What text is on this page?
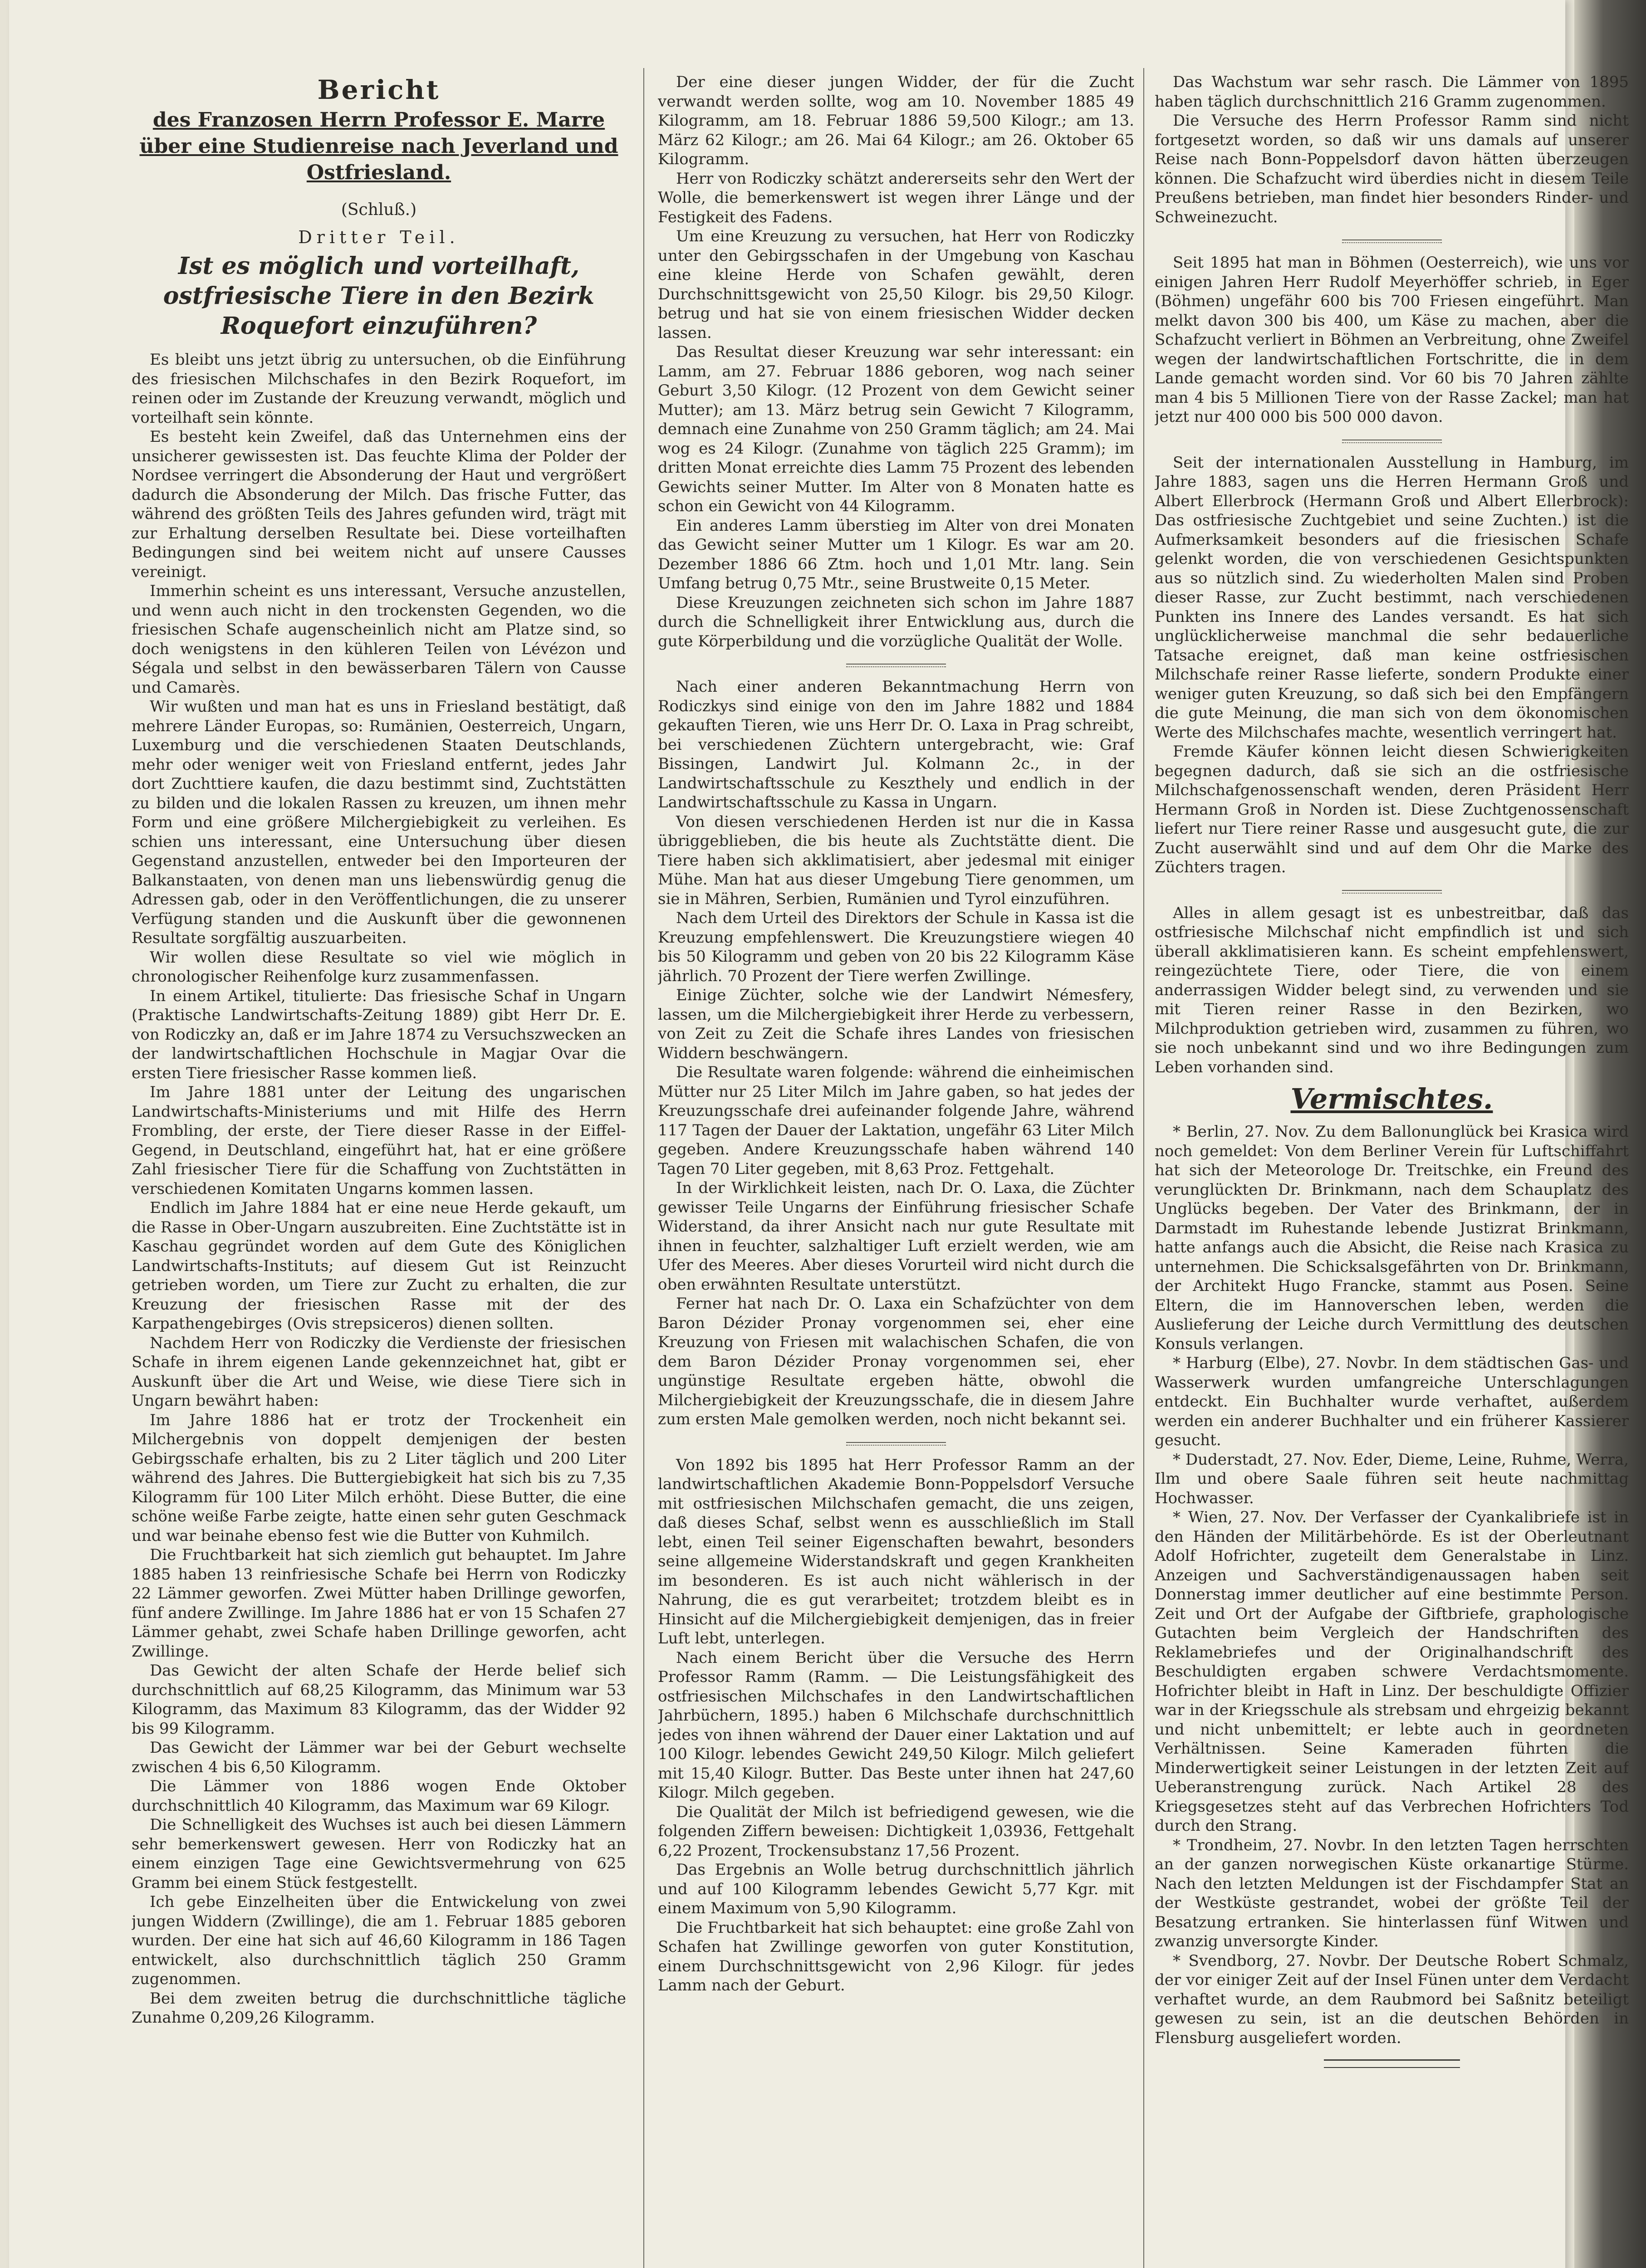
Bericht
des Franzosen Herrn Professor E. Marre
über eine Studienreise nach Jeverland und Ostfriesland.
(Schluß.)
Dritter Teil.
Ist es möglich und vorteilhaft, ostfriesische Tiere in den Bezirk Roquefort einzuführen?

Es bleibt uns jetzt übrig zu untersuchen, ob die Einführung des friesischen Milchschafes in den Bezirk Roquefort, im reinen oder im Zustande der Kreuzung verwandt, möglich und vorteilhaft sein könnte.

Es besteht kein Zweifel, daß das Unternehmen eins der unsicherer gewissesten ist. Das feuchte Klima der Polder der Nordsee verringert die Absonderung der Haut und vergrößert dadurch die Absonderung der Milch. Das frische Futter, das während des größten Teils des Jahres gefunden wird, trägt mit zur Erhaltung derselben Resultate bei. Diese vorteilhaften Bedingungen sind bei weitem nicht auf unsere Causses vereinigt.

Immerhin scheint es uns interessant, Versuche anzustellen, und wenn auch nicht in den trockensten Gegenden, wo die friesischen Schafe augenscheinlich nicht am Platze sind, so doch wenigstens in den kühleren Teilen von Lévézon und Ségala und selbst in den bewässerbaren Tälern von Causse und Camarès.

Wir wußten und man hat es uns in Friesland bestätigt, daß mehrere Länder Europas, so: Rumänien, Oesterreich, Ungarn, Luxemburg und die verschiedenen Staaten Deutschlands, mehr oder weniger weit von Friesland entfernt, jedes Jahr dort Zuchttiere kaufen, die dazu bestimmt sind, Zuchtstätten zu bilden und die lokalen Rassen zu kreuzen, um ihnen mehr Form und eine größere Milchergiebigkeit zu verleihen. Es schien uns interessant, eine Untersuchung über diesen Gegenstand anzustellen, entweder bei den Importeuren der Balkanstaaten, von denen man uns liebenswürdig genug die Adressen gab, oder in den Veröffentlichungen, die zu unserer Verfügung standen und die Auskunft über die gewonnenen Resultate sorgfältig auszuarbeiten.

Wir wollen diese Resultate so viel wie möglich in chronologischer Reihenfolge kurz zusammenfassen.

In einem Artikel, titulierte: Das friesische Schaf in Ungarn (Praktische Landwirtschafts-Zeitung 1889) gibt Herr Dr. E. von Rodiczky an, daß er im Jahre 1874 zu Versuchszwecken an der landwirtschaftlichen Hochschule in Magjar Ovar die ersten Tiere friesischer Rasse kommen ließ.

Im Jahre 1881 unter der Leitung des ungarischen Landwirtschafts-Ministeriums und mit Hilfe des Herrn Frombling, der erste, der Tiere dieser Rasse in der Eiffel-Gegend, in Deutschland, eingeführt hat, hat er eine größere Zahl friesischer Tiere für die Schaffung von Zuchtstätten in verschiedenen Komitaten Ungarns kommen lassen.

Endlich im Jahre 1884 hat er eine neue Herde gekauft, um die Rasse in Ober-Ungarn auszubreiten. Eine Zuchtstätte ist in Kaschau gegründet worden auf dem Gute des Königlichen Landwirtschafts-Instituts; auf diesem Gut ist Reinzucht getrieben worden, um Tiere zur Zucht zu erhalten, die zur Kreuzung der friesischen Rasse mit der des Karpathengebirges (Ovis strepsiceros) dienen sollten.

Nachdem Herr von Rodiczky die Verdienste der friesischen Schafe in ihrem eigenen Lande gekennzeichnet hat, gibt er Auskunft über die Art und Weise, wie diese Tiere sich in Ungarn bewährt haben:

Im Jahre 1886 hat er trotz der Trockenheit ein Milchergebnis von doppelt demjenigen der besten Gebirgsschafe erhalten, bis zu 2 Liter täglich und 200 Liter während des Jahres. Die Buttergiebigkeit hat sich bis zu 7,35 Kilogramm für 100 Liter Milch erhöht. Diese Butter, die eine schöne weiße Farbe zeigte, hatte einen sehr guten Geschmack und war beinahe ebenso fest wie die Butter von Kuhmilch.

Die Fruchtbarkeit hat sich ziemlich gut behauptet. Im Jahre 1885 haben 13 reinfriesische Schafe bei Herrn von Rodiczky 22 Lämmer geworfen. Zwei Mütter haben Drillinge geworfen, fünf andere Zwillinge. Im Jahre 1886 hat er von 15 Schafen 27 Lämmer gehabt, zwei Schafe haben Drillinge geworfen, acht Zwillinge.

Das Gewicht der alten Schafe der Herde belief sich durchschnittlich auf 68,25 Kilogramm, das Minimum war 53 Kilogramm, das Maximum 83 Kilogramm, das der Widder 92 bis 99 Kilogramm.

Das Gewicht der Lämmer war bei der Geburt wechselte zwischen 4 bis 6,50 Kilogramm.

Die Lämmer von 1886 wogen Ende Oktober durchschnittlich 40 Kilogramm, das Maximum war 69 Kilogr.

Die Schnelligkeit des Wuchses ist auch bei diesen Lämmern sehr bemerkenswert gewesen. Herr von Rodiczky hat an einem einzigen Tage eine Gewichtsvermehrung von 625 Gramm bei einem Stück festgestellt.

Ich gebe Einzelheiten über die Entwickelung von zwei jungen Widdern (Zwillinge), die am 1. Februar 1885 geboren wurden. Der eine hat sich auf 46,60 Kilogramm in 186 Tagen entwickelt, also durchschnittlich täglich 250 Gramm zugenommen.

Bei dem zweiten betrug die durchschnittliche tägliche Zunahme 0,209,26 Kilogramm.

Der eine dieser jungen Widder, der für die Zucht verwandt werden sollte, wog am 10. November 1885 49 Kilogramm, am 18. Februar 1886 59,500 Kilogr.; am 13. März 62 Kilogr.; am 26. Mai 64 Kilogr.; am 26. Oktober 65 Kilogramm.

Herr von Rodiczky schätzt andererseits sehr den Wert der Wolle, die bemerkenswert ist wegen ihrer Länge und der Festigkeit des Fadens.

Um eine Kreuzung zu versuchen, hat Herr von Rodiczky unter den Gebirgsschafen in der Umgebung von Kaschau eine kleine Herde von Schafen gewählt, deren Durchschnittsgewicht von 25,50 Kilogr. bis 29,50 Kilogr. betrug und hat sie von einem friesischen Widder decken lassen.

Das Resultat dieser Kreuzung war sehr interessant: ein Lamm, am 27. Februar 1886 geboren, wog nach seiner Geburt 3,50 Kilogr. (12 Prozent von dem Gewicht seiner Mutter); am 13. März betrug sein Gewicht 7 Kilogramm, demnach eine Zunahme von 250 Gramm täglich; am 24. Mai wog es 24 Kilogr. (Zunahme von täglich 225 Gramm); im dritten Monat erreichte dies Lamm 75 Prozent des lebenden Gewichts seiner Mutter. Im Alter von 8 Monaten hatte es schon ein Gewicht von 44 Kilogramm.

Ein anderes Lamm überstieg im Alter von drei Monaten das Gewicht seiner Mutter um 1 Kilogr. Es war am 20. Dezember 1886 66 Ztm. hoch und 1,01 Mtr. lang. Sein Umfang betrug 0,75 Mtr., seine Brustweite 0,15 Meter.

Diese Kreuzungen zeichneten sich schon im Jahre 1887 durch die Schnelligkeit ihrer Entwicklung aus, durch die gute Körperbildung und die vorzügliche Qualität der Wolle.

Nach einer anderen Bekanntmachung Herrn von Rodiczkys sind einige von den im Jahre 1882 und 1884 gekauften Tieren, wie uns Herr Dr. O. Laxa in Prag schreibt, bei verschiedenen Züchtern untergebracht, wie: Graf Bissingen, Landwirt Jul. Kolmann 2c., in der Landwirtschaftsschule zu Keszthely und endlich in der Landwirtschaftsschule zu Kassa in Ungarn.

Von diesen verschiedenen Herden ist nur die in Kassa übriggeblieben, die bis heute als Zuchtstätte dient. Die Tiere haben sich akklimatisiert, aber jedesmal mit einiger Mühe. Man hat aus dieser Umgebung Tiere genommen, um sie in Mähren, Serbien, Rumänien und Tyrol einzuführen.

Nach dem Urteil des Direktors der Schule in Kassa ist die Kreuzung empfehlenswert. Die Kreuzungstiere wiegen 40 bis 50 Kilogramm und geben von 20 bis 22 Kilogramm Käse jährlich. 70 Prozent der Tiere werfen Zwillinge.

Einige Züchter, solche wie der Landwirt Némesfery, lassen, um die Milchergiebigkeit ihrer Herde zu verbessern, von Zeit zu Zeit die Schafe ihres Landes von friesischen Widdern beschwängern.

Die Resultate waren folgende: während die einheimischen Mütter nur 25 Liter Milch im Jahre gaben, so hat jedes der Kreuzungsschafe drei aufeinander folgende Jahre, während 117 Tagen der Dauer der Laktation, ungefähr 63 Liter Milch gegeben. Andere Kreuzungsschafe haben während 140 Tagen 70 Liter gegeben, mit 8,63 Proz. Fettgehalt.

In der Wirklichkeit leisten, nach Dr. O. Laxa, die Züchter gewisser Teile Ungarns der Einführung friesischer Schafe Widerstand, da ihrer Ansicht nach nur gute Resultate mit ihnen in feuchter, salzhaltiger Luft erzielt werden, wie am Ufer des Meeres. Aber dieses Vorurteil wird nicht durch die oben erwähnten Resultate unterstützt.

Ferner hat nach Dr. O. Laxa ein Schafzüchter von dem Baron Dézider Pronay vorgenommen sei, eher eine Kreuzung von Friesen mit walachischen Schafen, die von dem Baron Dézider Pronay vorgenommen sei, eher ungünstige Resultate ergeben hätte, obwohl die Milchergiebigkeit der Kreuzungsschafe, die in diesem Jahre zum ersten Male gemolken werden, noch nicht bekannt sei.

Von 1892 bis 1895 hat Herr Professor Ramm an der landwirtschaftlichen Akademie Bonn-Poppelsdorf Versuche mit ostfriesischen Milchschafen gemacht, die uns zeigen, daß dieses Schaf, selbst wenn es ausschließlich im Stall lebt, einen Teil seiner Eigenschaften bewahrt, besonders seine allgemeine Widerstandskraft und gegen Krankheiten im besonderen. Es ist auch nicht wählerisch in der Nahrung, die es gut verarbeitet; trotzdem bleibt es in Hinsicht auf die Milchergiebigkeit demjenigen, das in freier Luft lebt, unterlegen.

Nach einem Bericht über die Versuche des Herrn Professor Ramm (Ramm. — Die Leistungsfähigkeit des ostfriesischen Milchschafes in den Landwirtschaftlichen Jahrbüchern, 1895.) haben 6 Milchschafe durchschnittlich jedes von ihnen während der Dauer einer Laktation und auf 100 Kilogr. lebendes Gewicht 249,50 Kilogr. Milch geliefert mit 15,40 Kilogr. Butter. Das Beste unter ihnen hat 247,60 Kilogr. Milch gegeben.

Die Qualität der Milch ist befriedigend gewesen, wie die folgenden Ziffern beweisen: Dichtigkeit 1,03936, Fettgehalt 6,22 Prozent, Trockensubstanz 17,56 Prozent.

Das Ergebnis an Wolle betrug durchschnittlich jährlich und auf 100 Kilogramm lebendes Gewicht 5,77 Kgr. mit einem Maximum von 5,90 Kilogramm.

Die Fruchtbarkeit hat sich behauptet: eine große Zahl von Schafen hat Zwillinge geworfen von guter Konstitution, einem Durchschnittsgewicht von 2,96 Kilogr. für jedes Lamm nach der Geburt.

Das Wachstum war sehr rasch. Die Lämmer von 1895 haben täglich durchschnittlich 216 Gramm zugenommen.

Die Versuche des Herrn Professor Ramm sind nicht fortgesetzt worden, so daß wir uns damals auf unserer Reise nach Bonn-Poppelsdorf davon hätten überzeugen können. Die Schafzucht wird überdies nicht in diesem Teile Preußens betrieben, man findet hier besonders Rinder- und Schweinezucht.

Seit 1895 hat man in Böhmen (Oesterreich), wie uns vor einigen Jahren Herr Rudolf Meyerhöffer schrieb, in Eger (Böhmen) ungefähr 600 bis 700 Friesen eingeführt. Man melkt davon 300 bis 400, um Käse zu machen, aber die Schafzucht verliert in Böhmen an Verbreitung, ohne Zweifel wegen der landwirtschaftlichen Fortschritte, die in dem Lande gemacht worden sind. Vor 60 bis 70 Jahren zählte man 4 bis 5 Millionen Tiere von der Rasse Zackel; man hat jetzt nur 400 000 bis 500 000 davon.

Seit der internationalen Ausstellung in Hamburg, im Jahre 1883, sagen uns die Herren Hermann Groß und Albert Ellerbrock (Hermann Groß und Albert Ellerbrock): Das ostfriesische Zuchtgebiet und seine Zuchten.) ist die Aufmerksamkeit besonders auf die friesischen Schafe gelenkt worden, die von verschiedenen Gesichtspunkten aus so nützlich sind. Zu wiederholten Malen sind Proben dieser Rasse, zur Zucht bestimmt, nach verschiedenen Punkten ins Innere des Landes versandt. Es hat sich unglücklicherweise manchmal die sehr bedauerliche Tatsache ereignet, daß man keine ostfriesischen Milchschafe reiner Rasse lieferte, sondern Produkte einer weniger guten Kreuzung, so daß sich bei den Empfängern die gute Meinung, die man sich von dem ökonomischen Werte des Milchschafes machte, wesentlich verringert hat.

Fremde Käufer können leicht diesen Schwierigkeiten begegnen dadurch, daß sie sich an die ostfriesische Milchschafgenossenschaft wenden, deren Präsident Herr Hermann Groß in Norden ist. Diese Zuchtgenossenschaft liefert nur Tiere reiner Rasse und ausgesucht gute, die zur Zucht auserwählt sind und auf dem Ohr die Marke des Züchters tragen.

Alles in allem gesagt ist es unbestreitbar, daß das ostfriesische Milchschaf nicht empfindlich ist und sich überall akklimatisieren kann. Es scheint empfehlenswert, reingezüchtete Tiere, oder Tiere, die von einem anderrassigen Widder belegt sind, zu verwenden und sie mit Tieren reiner Rasse in den Bezirken, wo Milchproduktion getrieben wird, zusammen zu führen, wo sie noch unbekannt sind und wo ihre Bedingungen zum Leben vorhanden sind.

Vermischtes.

* Berlin, 27. Nov. Zu dem Ballonunglück bei Krasica wird noch gemeldet: Von dem Berliner Verein für Luftschiffahrt hat sich der Meteorologe Dr. Treitschke, ein Freund des verunglückten Dr. Brinkmann, nach dem Schauplatz des Unglücks begeben. Der Vater des Brinkmann, der in Darmstadt im Ruhestande lebende Justizrat Brinkmann, hatte anfangs auch die Absicht, die Reise nach Krasica zu unternehmen. Die Schicksalsgefährten von Dr. Brinkmann, der Architekt Hugo Francke, stammt aus Posen. Seine Eltern, die im Hannoverschen leben, werden die Auslieferung der Leiche durch Vermittlung des deutschen Konsuls verlangen.

* Harburg (Elbe), 27. Novbr. In dem städtischen Gas- und Wasserwerk wurden umfangreiche Unterschlagungen entdeckt. Ein Buchhalter wurde verhaftet, außerdem werden ein anderer Buchhalter und ein früherer Kassierer gesucht.

* Duderstadt, 27. Nov. Eder, Dieme, Leine, Ruhme, Werra, Ilm und obere Saale führen seit heute nachmittag Hochwasser.

* Wien, 27. Nov. Der Verfasser der Cyankalibriefe ist in den Händen der Militärbehörde. Es ist der Oberleutnant Adolf Hofrichter, zugeteilt dem Generalstabe in Linz. Anzeigen und Sachverständigenaussagen haben seit Donnerstag immer deutlicher auf eine bestimmte Person. Zeit und Ort der Aufgabe der Giftbriefe, graphologische Gutachten beim Vergleich der Handschriften des Reklamebriefes und der Originalhandschrift des Beschuldigten ergaben schwere Verdachtsmomente. Hofrichter bleibt in Haft in Linz. Der beschuldigte Offizier war in der Kriegsschule als strebsam und ehrgeizig bekannt und nicht unbemittelt; er lebte auch in geordneten Verhältnissen. Seine Kameraden führten die Minderwertigkeit seiner Leistungen in der letzten Zeit auf Ueberanstrengung zurück. Nach Artikel 28 des Kriegsgesetzes steht auf das Verbrechen Hofrichters Tod durch den Strang.

* Trondheim, 27. Novbr. In den letzten Tagen herrschten an der ganzen norwegischen Küste orkanartige Stürme. Nach den letzten Meldungen ist der Fischdampfer Stat an der Westküste gestrandet, wobei der größte Teil der Besatzung ertranken. Sie hinterlassen fünf Witwen und zwanzig unversorgte Kinder.

* Svendborg, 27. Novbr. Der Deutsche Robert Schmalz, der vor einiger Zeit auf der Insel Fünen unter dem Verdacht verhaftet wurde, an dem Raubmord bei Saßnitz beteiligt gewesen zu sein, ist an die deutschen Behörden in Flensburg ausgeliefert worden.
